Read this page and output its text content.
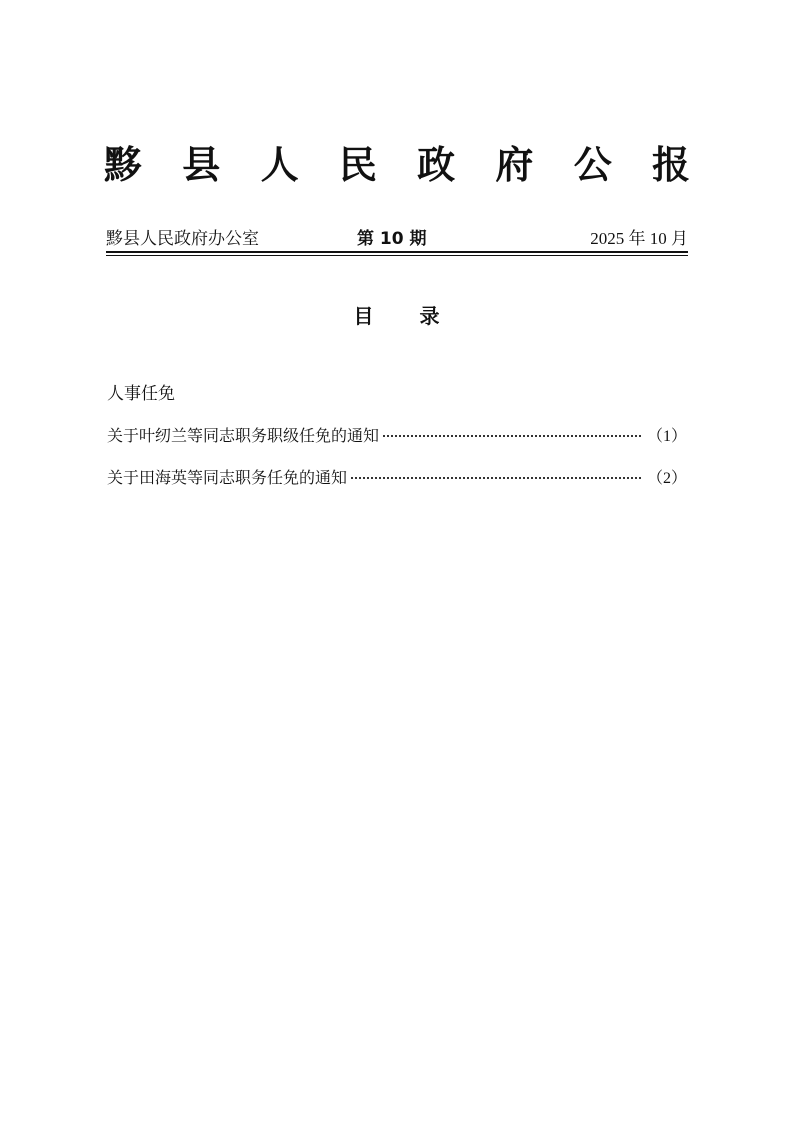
黟 县 人 民 政 府 公 报
黟县人民政府办公室	第 10 期	2025 年 10 月
目 录
人事任免
关于叶纫兰等同志职务职级任免的通知	（1）
关于田海英等同志职务任免的通知	（2）
